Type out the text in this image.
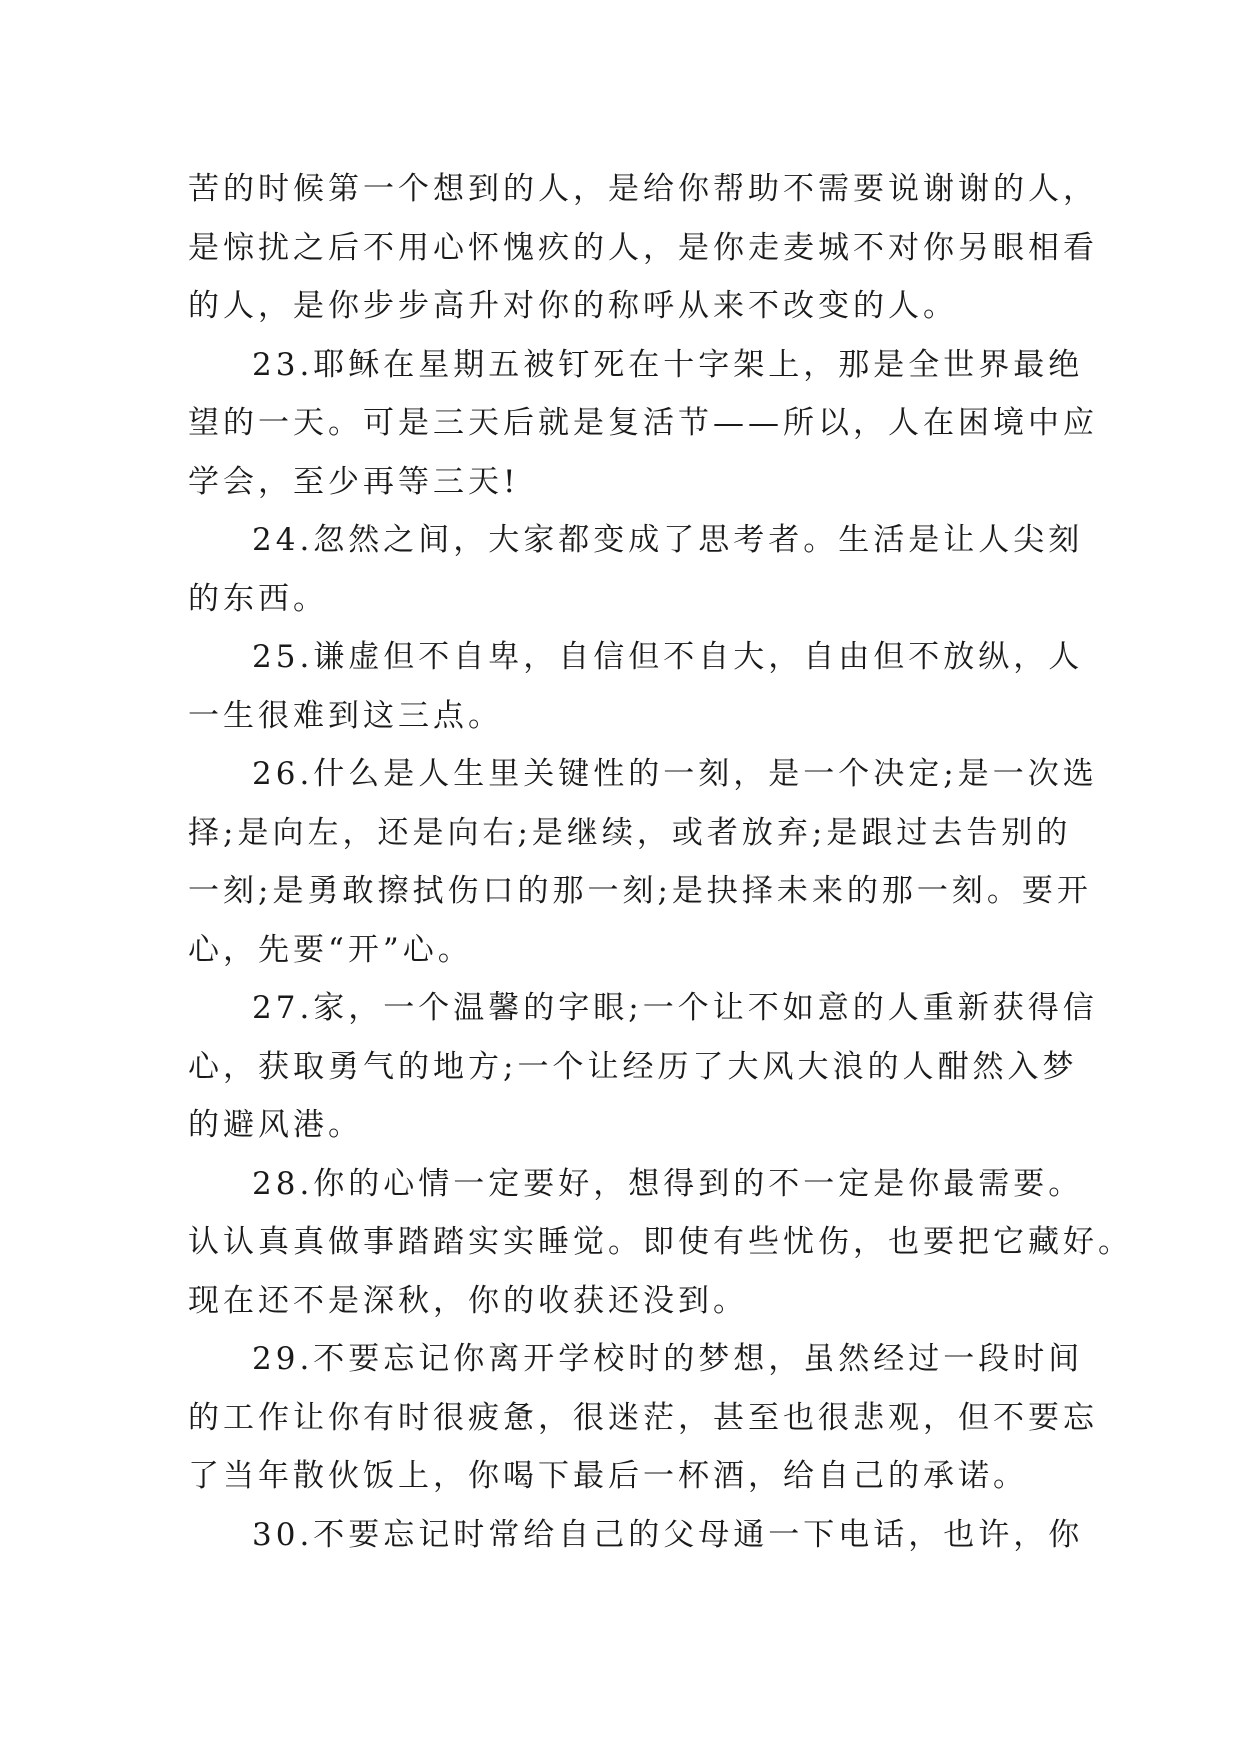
苦的时候第一个想到的人，是给你帮助不需要说谢谢的人，
是惊扰之后不用心怀愧疚的人，是你走麦城不对你另眼相看
的人，是你步步高升对你的称呼从来不改变的人。
23.耶稣在星期五被钉死在十字架上，那是全世界最绝
望的一天。可是三天后就是复活节——所以，人在困境中应
学会，至少再等三天!
24.忽然之间，大家都变成了思考者。生活是让人尖刻
的东西。
25.谦虚但不自卑，自信但不自大，自由但不放纵，人
一生很难到这三点。
26.什么是人生里关键性的一刻，是一个决定;是一次选
择;是向左，还是向右;是继续，或者放弃;是跟过去告别的
一刻;是勇敢擦拭伤口的那一刻;是抉择未来的那一刻。要开
心，先要“开”心。
27.家，一个温馨的字眼;一个让不如意的人重新获得信
心，获取勇气的地方;一个让经历了大风大浪的人酣然入梦
的避风港。
28.你的心情一定要好，想得到的不一定是你最需要。
认认真真做事踏踏实实睡觉。即使有些忧伤，也要把它藏好。
现在还不是深秋，你的收获还没到。
29.不要忘记你离开学校时的梦想，虽然经过一段时间
的工作让你有时很疲惫，很迷茫，甚至也很悲观，但不要忘
了当年散伙饭上，你喝下最后一杯酒，给自己的承诺。
30.不要忘记时常给自己的父母通一下电话，也许，你
